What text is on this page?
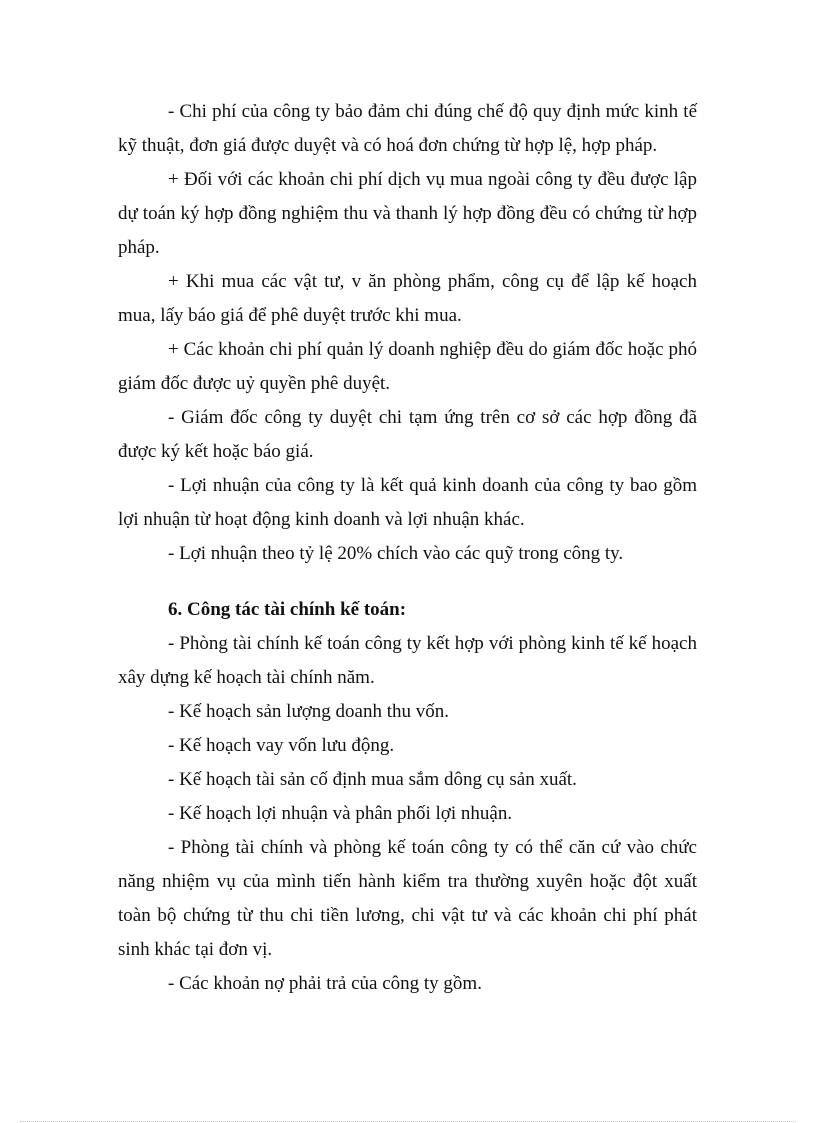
- Chi phí của công ty bảo đảm chi đúng chế độ quy định mức kinh tế kỹ thuật, đơn giá được duyệt và có hoá đơn chứng từ hợp lệ, hợp pháp.

+ Đối với các khoản chi phí dịch vụ mua ngoài công ty đều được lập dự toán ký hợp đồng nghiệm thu và thanh lý hợp đồng đều có chứng từ hợp pháp.

+ Khi mua các vật tư, v ăn phòng phẩm, công cụ để lập kế hoạch mua, lấy báo giá để phê duyệt trước khi mua.

+ Các khoản chi phí quản lý doanh nghiệp đều do giám đốc hoặc phó giám đốc được uỷ quyền phê duyệt.

- Giám đốc công ty duyệt chi tạm ứng trên cơ sở các hợp đồng đã được ký kết hoặc báo giá.

- Lợi nhuận của công ty là kết quả kinh doanh của công ty bao gồm lợi nhuận từ hoạt động kinh doanh và lợi nhuận khác.

- Lợi nhuận theo tỷ lệ 20% chích vào các quỹ trong công ty.

6. Công tác tài chính kế toán:

- Phòng tài chính kế toán công ty kết hợp với phòng kinh tế kế hoạch xây dựng kế hoạch tài chính năm.

- Kế hoạch sản lượng doanh thu vốn.

- Kế hoạch vay vốn lưu động.

- Kế hoạch tài sản cố định mua sắm dông cụ sản xuất.

- Kế hoạch lợi nhuận và phân phối lợi nhuận.

- Phòng tài chính và phòng kế toán công ty có thể căn cứ vào chức năng nhiệm vụ của mình tiến hành kiểm tra thường xuyên hoặc đột xuất toàn bộ chứng từ thu chi tiền lương, chi vật tư và các khoản chi phí phát sinh khác tại đơn vị.

- Các khoản nợ phải trả của công ty gồm.
